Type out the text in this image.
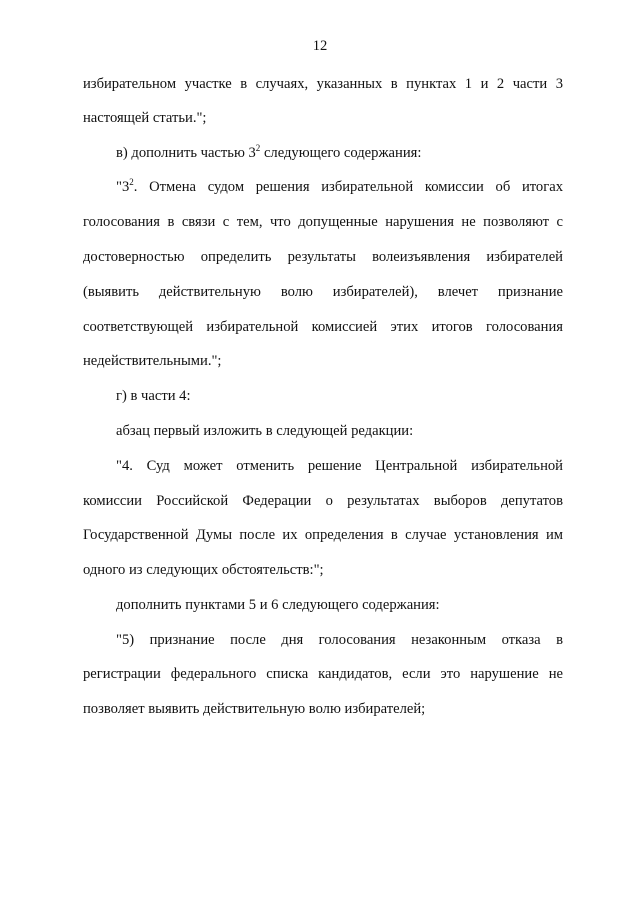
12
избирательном участке в случаях, указанных в пунктах 1 и 2 части 3
настоящей статьи.";
в) дополнить частью $3^2$ следующего содержания:
"$3^2$. Отмена судом решения избирательной комиссии об итогах
голосования в связи с тем, что допущенные нарушения не позволяют с
достоверностью определить результаты волеизъявления избирателей
(выявить действительную волю избирателей), влечет признание
соответствующей избирательной комиссией этих итогов голосования
недействительными.";
г) в части 4:
абзац первый изложить в следующей редакции:
"4. Суд может отменить решение Центральной избирательной
комиссии Российской Федерации о результатах выборов депутатов
Государственной Думы после их определения в случае установления им
одного из следующих обстоятельств:";
дополнить пунктами 5 и 6 следующего содержания:
"5) признание после дня голосования незаконным отказа в
регистрации федерального списка кандидатов, если это нарушение не
позволяет выявить действительную волю избирателей;
